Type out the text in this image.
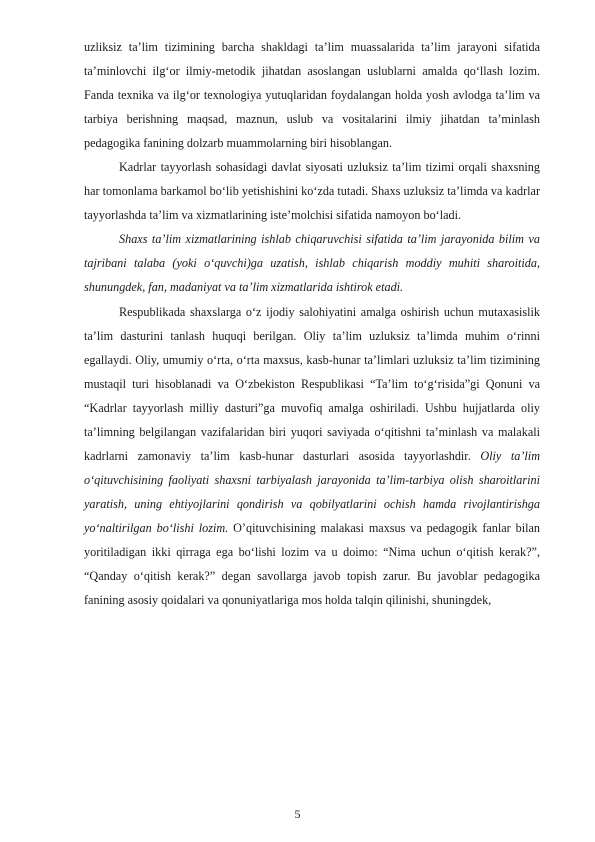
uzliksiz ta’lim tizimining barcha shakldagi ta’lim muassalarida ta’lim jarayoni sifatida ta’minlovchi ilg‘or ilmiy-metodik jihatdan asoslangan uslublarni amalda qo‘llash lozim. Fanda texnika va ilg‘or texnologiya yutuqlaridan foydalangan holda yosh avlodga ta’lim va tarbiya berishning maqsad, maznun, uslub va vositalarini ilmiy jihatdan ta’minlash pedagogika fanining dolzarb muammolarning biri hisoblangan.

Kadrlar tayyorlash sohasidagi davlat siyosati uzluksiz ta’lim tizimi orqali shaxsning har tomonlama barkamol bo‘lib yetishishini ko‘zda tutadi. Shaxs uzluksiz ta’limda va kadrlar tayyorlashda ta’lim va xizmatlarining iste’molchisi sifatida namoyon bo‘ladi.

Shaxs ta’lim xizmatlarining ishlab chiqaruvchisi sifatida ta’lim jarayonida bilim va tajribani talaba (yoki o‘quvchi)ga uzatish, ishlab chiqarish moddiy muhiti sharoitida, shunungdek, fan, madaniyat va ta’lim xizmatlarida ishtirok etadi.

Respublikada shaxslarga o‘z ijodiy salohiyatini amalga oshirish uchun mutaxasislik ta’lim dasturini tanlash huquqi berilgan. Oliy ta’lim uzluksiz ta’limda muhim o‘rinni egallaydi. Oliy, umumiy o‘rta, o‘rta maxsus, kasb-hunar ta’limlari uzluksiz ta’lim tizimining mustaqil turi hisoblanadi va O‘zbekiston Respublikasi “Ta’lim to‘g‘risida”gi Qonuni va “Kadrlar tayyorlash milliy dasturi”ga muvofiq amalga oshiriladi. Ushbu hujjatlarda oliy ta’limning belgilangan vazifalaridan biri yuqori saviyada o‘qitishni ta’minlash va malakali kadrlarni zamonaviy ta’lim kasb-hunar dasturlari asosida tayyorlashdir. Oliy ta’lim o‘qituvchisining faoliyati shaxsni tarbiyalash jarayonida ta’lim-tarbiya olish sharoitlarini yaratish, uning ehtiyojlarini qondirish va qobilyatlarini ochish hamda rivojlantirishga yo‘naltirilgan bo‘lishi lozim. O’qituvchisining malakasi maxsus va pedagogik fanlar bilan yoritiladigan ikki qirraga ega bo‘lishi lozim va u doimo: “Nima uchun o‘qitish kerak?”, “Qanday o‘qitish kerak?” degan savollarga javob topish zarur. Bu javoblar pedagogika fanining asosiy qoidalari va qonuniyatlariga mos holda talqin qilinishi, shuningdek,

5
